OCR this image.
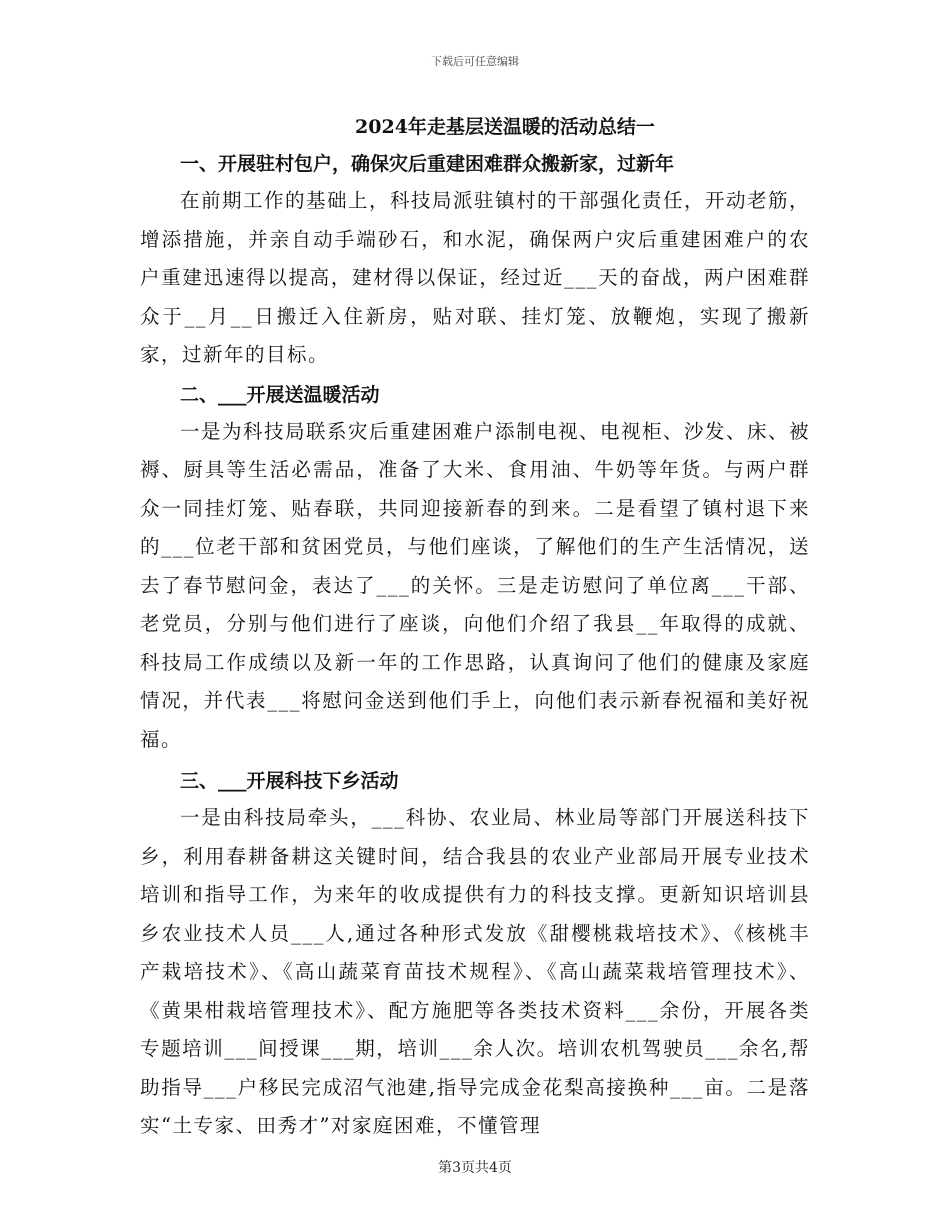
下载后可任意编辑
2024年走基层送温暖的活动总结一
一、开展驻村包户，确保灾后重建困难群众搬新家，过新年

在前期工作的基础上，科技局派驻镇村的干部强化责任，开动老筋，增添措施，并亲自动手端砂石，和水泥，确保两户灾后重建困难户的农户重建迅速得以提高，建材得以保证，经过近___天的奋战，两户困难群众于__月__日搬迁入住新房，贴对联、挂灯笼、放鞭炮，实现了搬新家，过新年的目标。

二、___开展送温暖活动

一是为科技局联系灾后重建困难户添制电视、电视柜、沙发、床、被褥、厨具等生活必需品，准备了大米、食用油、牛奶等年货。与两户群众一同挂灯笼、贴春联，共同迎接新春的到来。二是看望了镇村退下来的___位老干部和贫困党员，与他们座谈，了解他们的生产生活情况，送去了春节慰问金，表达了___的关怀。三是走访慰问了单位离___干部、老党员，分别与他们进行了座谈，向他们介绍了我县__年取得的成就、科技局工作成绩以及新一年的工作思路，认真询问了他们的健康及家庭情况，并代表___将慰问金送到他们手上，向他们表示新春祝福和美好祝福。

三、___开展科技下乡活动

一是由科技局牵头，___科协、农业局、林业局等部门开展送科技下乡，利用春耕备耕这关键时间，结合我县的农业产业部局开展专业技术培训和指导工作，为来年的收成提供有力的科技支撑。更新知识培训县乡农业技术人员___人,通过各种形式发放《甜樱桃栽培技术》、《核桃丰产栽培技术》、《高山蔬菜育苗技术规程》、《高山蔬菜栽培管理技术》、《黄果柑栽培管理技术》、配方施肥等各类技术资料___余份，开展各类专题培训___间授课___期，培训___余人次。培训农机驾驶员___余名,帮助指导___户移民完成沼气池建,指导完成金花梨高接换种___亩。二是落实“土专家、田秀才”对家庭困难，不懂管理

第3页共4页
